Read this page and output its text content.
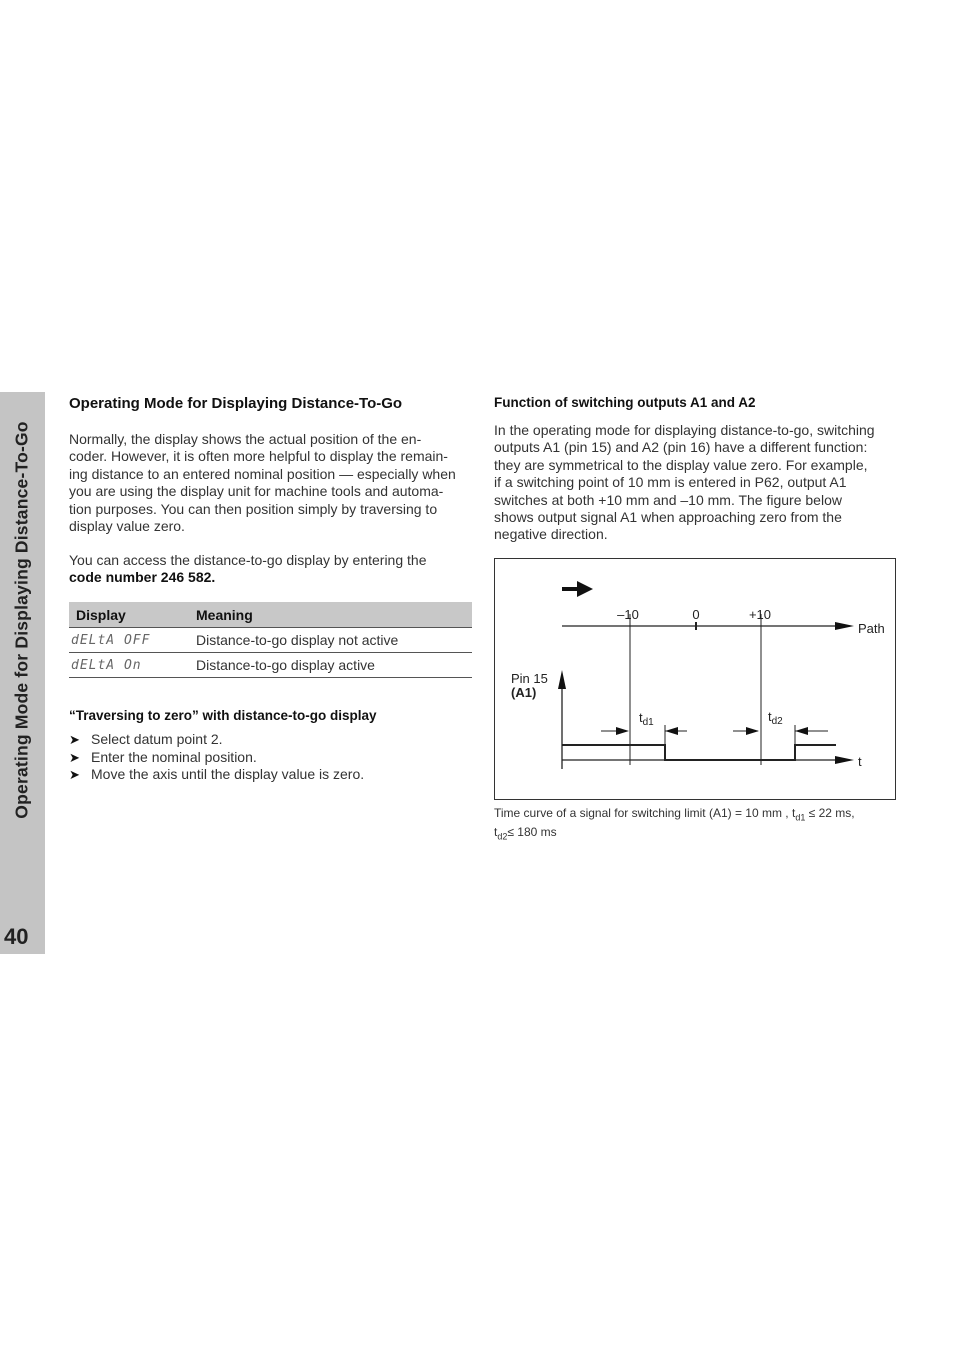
Operating Mode for Displaying Distance-To-Go
40
Operating Mode for Displaying Distance-To-Go
Normally, the display shows the actual position of the en-
coder. However, it is often more helpful to display the remain-
ing distance to an entered nominal position — especially when
you are using the display unit for machine tools and automa-
tion purposes. You can then position simply by traversing to
display value zero.
You can access the distance-to-go display by entering the
code number 246 582.
Display	Meaning
dELtA OFF	Distance-to-go display not active
dELtA On	Distance-to-go display active
“Traversing to zero” with distance-to-go display
➤ Select datum point 2.
➤ Enter the nominal position.
➤ Move the axis until the display value is zero.
Function of switching outputs A1 and A2
In the operating mode for displaying distance-to-go, switching
outputs A1 (pin 15) and A2 (pin 16) have a different function:
they are symmetrical to the display value zero. For example,
if a switching point of 10 mm is entered in P62, output A1
switches at both +10 mm and –10 mm. The figure below
shows output signal A1 when approaching zero from the
negative direction.
–10	0	+10
Path
Pin 15
(A1)
t
$t_{d1}$	$t_{d2}$
Time curve of a signal for switching limit (A1) = 10 mm , $t_{d1} \le 22$ ms,
$t_{d2}\le 180$ ms
